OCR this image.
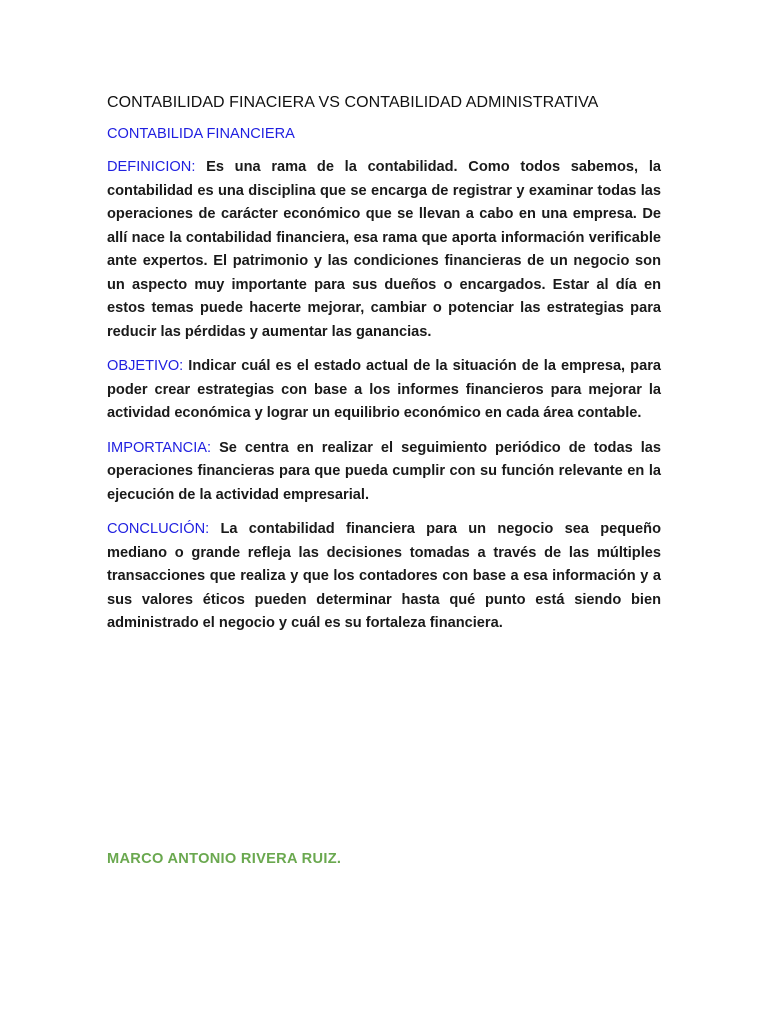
CONTABILIDAD FINACIERA VS CONTABILIDAD ADMINISTRATIVA
CONTABILIDA FINANCIERA

DEFINICION: Es una rama de la contabilidad. Como todos sabemos, la contabilidad es una disciplina que se encarga de registrar y examinar todas las operaciones de carácter económico que se llevan a cabo en una empresa. De allí nace la contabilidad financiera, esa rama que aporta información verificable ante expertos. El patrimonio y las condiciones financieras de un negocio son un aspecto muy importante para sus dueños o encargados. Estar al día en estos temas puede hacerte mejorar, cambiar o potenciar las estrategias para reducir las pérdidas y aumentar las ganancias.

OBJETIVO: Indicar cuál es el estado actual de la situación de la empresa, para poder crear estrategias con base a los informes financieros para mejorar la actividad económica y lograr un equilibrio económico en cada área contable.

IMPORTANCIA: Se centra en realizar el seguimiento periódico de todas las operaciones financieras para que pueda cumplir con su función relevante en la ejecución de la actividad empresarial.

CONCLUCIÓN: La contabilidad financiera para un negocio sea pequeño mediano o grande refleja las decisiones tomadas a través de las múltiples transacciones que realiza y que los contadores con base a esa información y a sus valores éticos pueden determinar hasta qué punto está siendo bien administrado el negocio y cuál es su fortaleza financiera.

MARCO ANTONIO RIVERA RUIZ.
